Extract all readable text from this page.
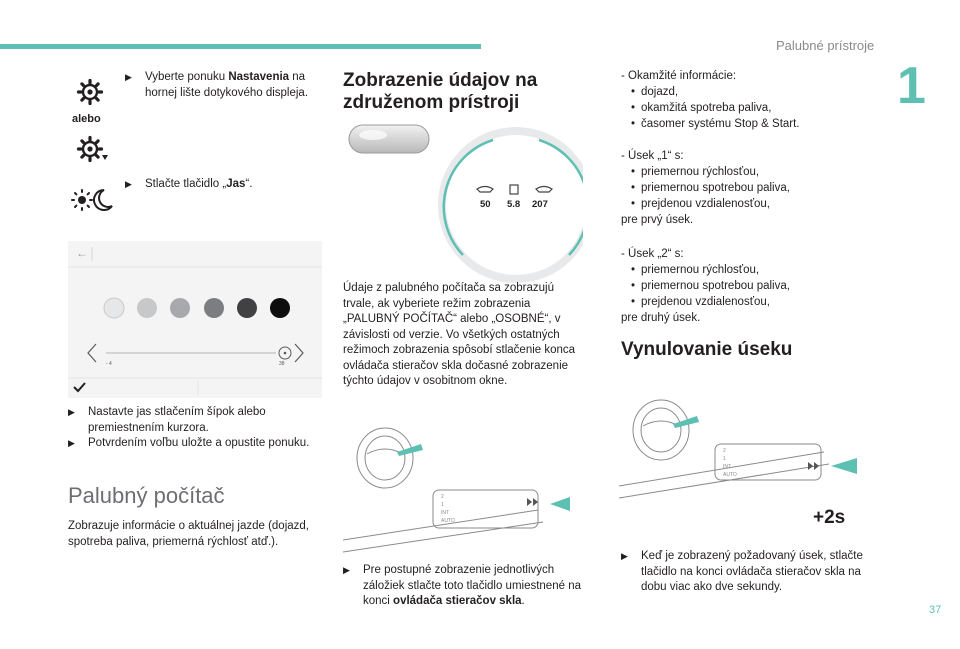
Palubné prístroje
1
37
alebo
▶	Vyberte ponuku Nastavenia na hornej lište dotykového displeja.
▶	Stlačte tlačidlo „Jas“.
←
- 4	38
▶	Nastavte jas stlačením šípok alebo premiestnením kurzora.
▶	Potvrdením voľbu uložte a opustite ponuku.
Palubný počítač
Zobrazuje informácie o aktuálnej jazde (dojazd, spotreba paliva, priemerná rýchlosť atď.).
Zobrazenie údajov na združenom prístroji
50 5.8 207
Údaje z palubného počítača sa zobrazujú trvale, ak vyberiete režim zobrazenia „PALUBNÝ POČÍTAČ“ alebo „OSOBNÉ“, v závislosti od verzie. Vo všetkých ostatných režimoch zobrazenia spôsobí stlačenie konca ovládača stieračov skla dočasné zobrazenie týchto údajov v osobitnom okne.
2
1
INT
AUTO
▶	Pre postupné zobrazenie jednotlivých záložiek stlačte toto tlačidlo umiestnené na konci ovládača stieračov skla.
- Okamžité informácie:
• dojazd,
• okamžitá spotreba paliva,
• časomer systému Stop & Start.
- Úsek „1“ s:
• priemernou rýchlosťou,
• priemernou spotrebou paliva,
• prejdenou vzdialenosťou,
pre prvý úsek.
- Úsek „2“ s:
• priemernou rýchlosťou,
• priemernou spotrebou paliva,
• prejdenou vzdialenosťou,
pre druhý úsek.
Vynulovanie úseku
2
1
INT
AUTO
+2s
▶	Keď je zobrazený požadovaný úsek, stlačte tlačidlo na konci ovládača stieračov skla na dobu viac ako dve sekundy.
